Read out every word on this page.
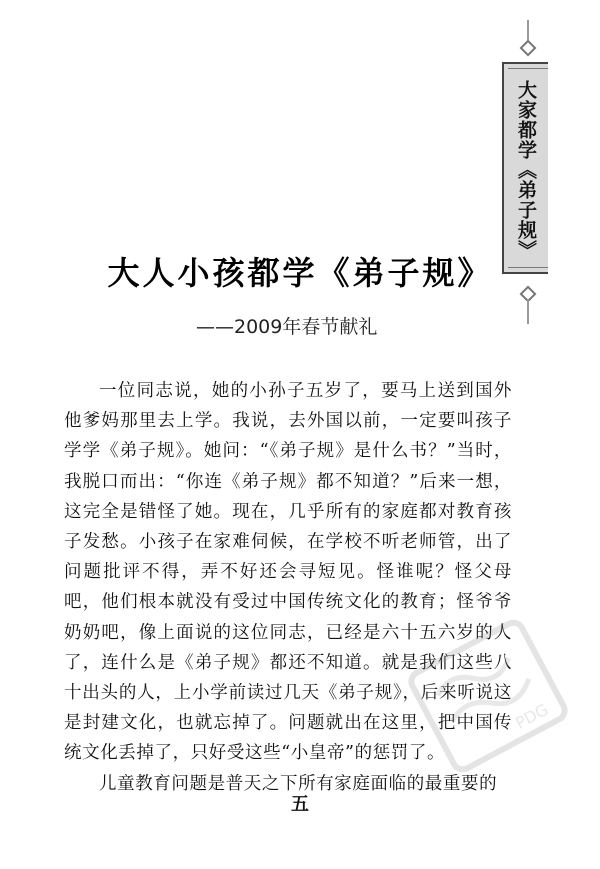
大家都学《弟子规》
大人小孩都学《弟子规》
——2009年春节献礼

一位同志说，她的小孙子五岁了，要马上送到国外他爹妈那里去上学。我说，去外国以前，一定要叫孩子学学《弟子规》。她问：“《弟子规》是什么书？”当时，我脱口而出：“你连《弟子规》都不知道？”后来一想，这完全是错怪了她。现在，几乎所有的家庭都对教育孩子发愁。小孩子在家难伺候，在学校不听老师管，出了问题批评不得，弄不好还会寻短见。怪谁呢？怪父母吧，他们根本就没有受过中国传统文化的教育；怪爷爷奶奶吧，像上面说的这位同志，已经是六十五六岁的人了，连什么是《弟子规》都还不知道。就是我们这些八十出头的人，上小学前读过几天《弟子规》，后来听说这是封建文化，也就忘掉了。问题就出在这里，把中国传统文化丢掉了，只好受这些“小皇帝”的惩罚了。

儿童教育问题是普天之下所有家庭面临的最重要的

PDG
五
